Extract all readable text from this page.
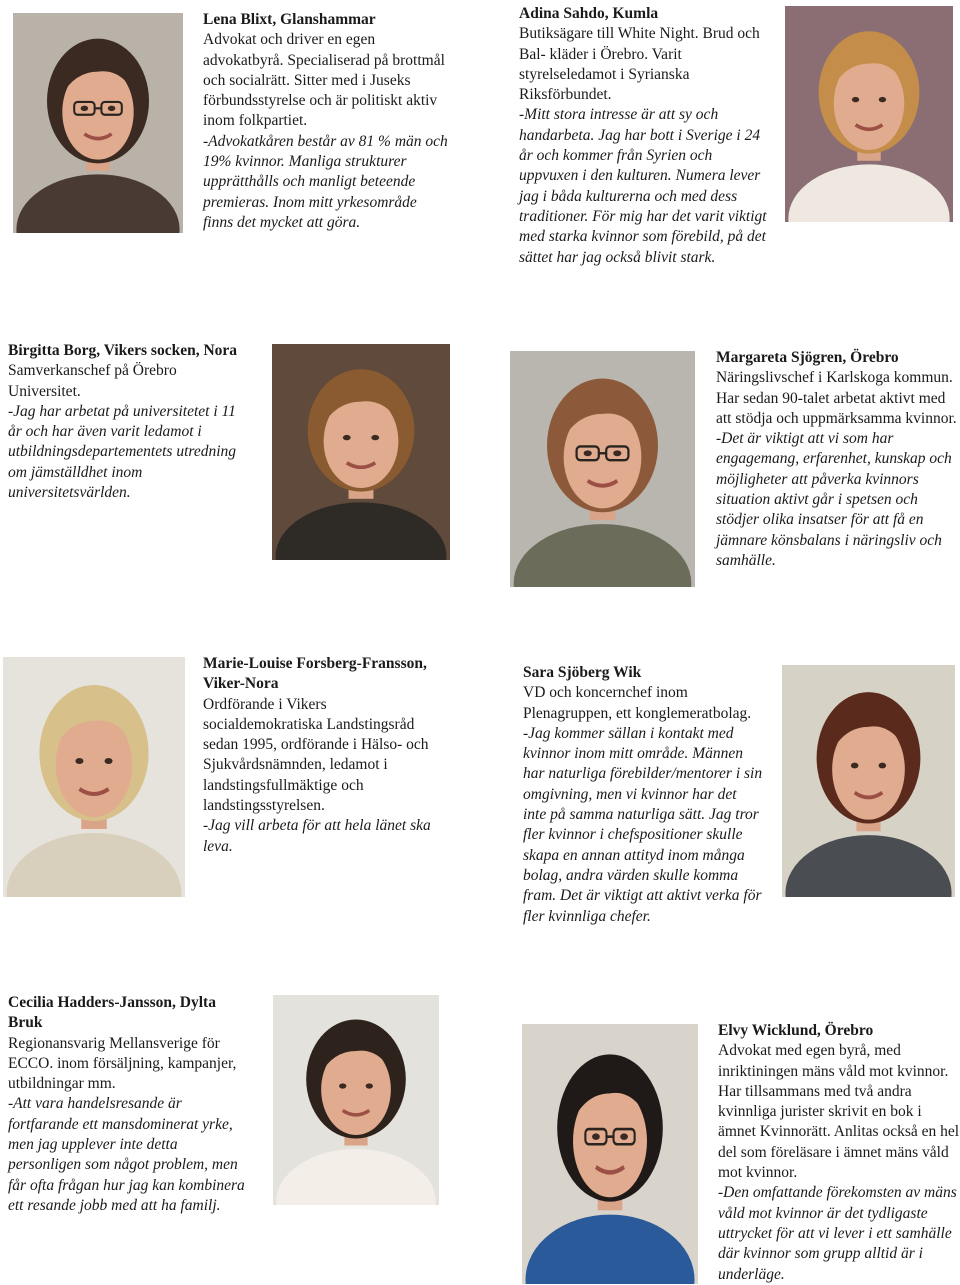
Lena Blixt, Glanshammar
Advokat och driver en egen advokatbyrå. Specialiserad på brottmål och socialrätt. Sitter med i Juseks förbundsstyrelse och är politiskt aktiv inom folkpartiet.
-Advokatkåren består av 81 % män och 19% kvinnor. Manliga strukturer upprätthålls och manligt beteende premieras. Inom mitt yrkesområde finns det mycket att göra.
Adina Sahdo, Kumla
Butiksägare till White Night. Brud och Bal- kläder i Örebro. Varit styrelseledamot i Syrianska Riksförbundet.
-Mitt stora intresse är att sy och handarbeta. Jag har bott i Sverige i 24 år och kommer från Syrien och uppvuxen i den kulturen. Numera lever jag i båda kulturerna och med dess traditioner. För mig har det varit viktigt med starka kvinnor som förebild, på det sättet har jag också blivit stark.
Birgitta Borg, Vikers socken, Nora
Samverkanschef på Örebro Universitet.
-Jag har arbetat på universitetet i 11 år och har även varit ledamot i utbildningsdepartementets utredning om jämställdhet inom universitetsvärlden.
Margareta Sjögren, Örebro
Näringslivschef i Karlskoga kommun. Har sedan 90-talet arbetat aktivt med att stödja och uppmärksamma kvinnor.
-Det är viktigt att vi som har engagemang, erfarenhet, kunskap och möjligheter att påverka kvinnors situation aktivt går i spetsen och stödjer olika insatser för att få en jämnare könsbalans i näringsliv och samhälle.
Marie-Louise Forsberg-Fransson, Viker-Nora
Ordförande i Vikers socialdemokratiska Landstingsråd sedan 1995, ordförande i Hälso- och Sjukvårdsnämnden, ledamot i landstingsfullmäktige och landstingsstyrelsen.
-Jag vill arbeta för att hela länet ska leva.
Sara Sjöberg Wik
VD och koncernchef inom Plenagruppen, ett konglemeratbolag.
-Jag kommer sällan i kontakt med kvinnor inom mitt område. Männen har naturliga förebilder/mentorer i sin omgivning, men vi kvinnor har det inte på samma naturliga sätt. Jag tror fler kvinnor i chefspositioner skulle skapa en annan attityd inom många bolag, andra värden skulle komma fram. Det är viktigt att aktivt verka för fler kvinnliga chefer.
Cecilia Hadders-Jansson, Dylta Bruk
Regionansvarig Mellansverige för ECCO. inom försäljning, kampanjer, utbildningar mm.
-Att vara handelsresande är fortfarande ett mansdominerat yrke, men jag upplever inte detta personligen som något problem, men får ofta frågan hur jag kan kombinera ett resande jobb med att ha familj.
Elvy Wicklund, Örebro
Advokat med egen byrå, med inriktiningen mäns våld mot kvinnor. Har tillsammans med två andra kvinnliga jurister skrivit en bok i ämnet Kvinnorätt. Anlitas också en hel del som föreläsare i ämnet mäns våld mot kvinnor.
-Den omfattande förekomsten av mäns våld mot kvinnor är det tydligaste uttrycket för att vi lever i ett samhälle där kvinnor som grupp alltid är i underläge.
